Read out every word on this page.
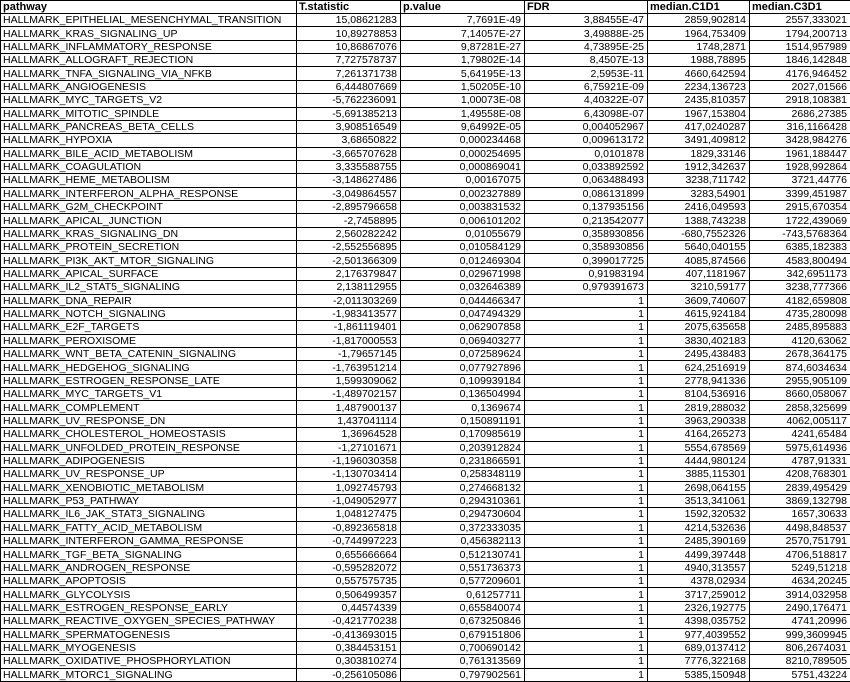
pathway	T.statistic	p.value	FDR	median.C1D1	median.C3D1
HALLMARK_EPITHELIAL_MESENCHYMAL_TRANSITION	15,08621283	7,7691E-49	3,88455E-47	2859,902814	2557,333021
HALLMARK_KRAS_SIGNALING_UP	10,89278853	7,14057E-27	3,49888E-25	1964,753409	1794,200713
HALLMARK_INFLAMMATORY_RESPONSE	10,86867076	9,87281E-27	4,73895E-25	1748,2871	1514,957989
HALLMARK_ALLOGRAFT_REJECTION	7,727578737	1,79802E-14	8,4507E-13	1988,78895	1846,142848
HALLMARK_TNFA_SIGNALING_VIA_NFKB	7,261371738	5,64195E-13	2,5953E-11	4660,642594	4176,946452
HALLMARK_ANGIOGENESIS	6,444807669	1,50205E-10	6,75921E-09	2234,136723	2027,01566
HALLMARK_MYC_TARGETS_V2	-5,762236091	1,00073E-08	4,40322E-07	2435,810357	2918,108381
HALLMARK_MITOTIC_SPINDLE	-5,691385213	1,49558E-08	6,43098E-07	1967,153804	2686,27385
HALLMARK_PANCREAS_BETA_CELLS	3,908516549	9,64992E-05	0,004052967	417,0240287	316,1166428
HALLMARK_HYPOXIA	3,68650822	0,000234468	0,009613172	3491,409812	3428,984276
HALLMARK_BILE_ACID_METABOLISM	-3,665707628	0,000254695	0,0101878	1829,33146	1961,188447
HALLMARK_COAGULATION	3,335588755	0,000869041	0,033892592	1912,342637	1928,992864
HALLMARK_HEME_METABOLISM	-3,148627486	0,00167075	0,063488493	3238,711742	3721,44776
HALLMARK_INTERFERON_ALPHA_RESPONSE	-3,049864557	0,002327889	0,086131899	3283,54901	3399,451987
HALLMARK_G2M_CHECKPOINT	-2,895796658	0,003831532	0,137935156	2416,049593	2915,670354
HALLMARK_APICAL_JUNCTION	-2,7458895	0,006101202	0,213542077	1388,743238	1722,439069
HALLMARK_KRAS_SIGNALING_DN	2,560282242	0,01055679	0,358930856	-680,7552326	-743,5768364
HALLMARK_PROTEIN_SECRETION	-2,552556895	0,010584129	0,358930856	5640,040155	6385,182383
HALLMARK_PI3K_AKT_MTOR_SIGNALING	-2,501366309	0,012469304	0,399017725	4085,874566	4583,800494
HALLMARK_APICAL_SURFACE	2,176379847	0,029671998	0,91983194	407,1181967	342,6951173
HALLMARK_IL2_STAT5_SIGNALING	2,138112955	0,032646389	0,979391673	3210,59177	3238,777366
HALLMARK_DNA_REPAIR	-2,011303269	0,044466347	1	3609,740607	4182,659808
HALLMARK_NOTCH_SIGNALING	-1,983413577	0,047494329	1	4615,924184	4735,280098
HALLMARK_E2F_TARGETS	-1,861119401	0,062907858	1	2075,635658	2485,895883
HALLMARK_PEROXISOME	-1,817000553	0,069403277	1	3830,402183	4120,63062
HALLMARK_WNT_BETA_CATENIN_SIGNALING	-1,79657145	0,072589624	1	2495,438483	2678,364175
HALLMARK_HEDGEHOG_SIGNALING	-1,763951214	0,077927896	1	624,2516919	874,6034634
HALLMARK_ESTROGEN_RESPONSE_LATE	1,599309062	0,109939184	1	2778,941336	2955,905109
HALLMARK_MYC_TARGETS_V1	-1,489702157	0,136504994	1	8104,536916	8660,058067
HALLMARK_COMPLEMENT	1,487900137	0,1369674	1	2819,288032	2858,325699
HALLMARK_UV_RESPONSE_DN	1,437041114	0,150891191	1	3963,290338	4062,005117
HALLMARK_CHOLESTEROL_HOMEOSTASIS	1,36964528	0,170985619	1	4164,265273	4241,65484
HALLMARK_UNFOLDED_PROTEIN_RESPONSE	-1,27101671	0,203912824	1	5554,678569	5975,614936
HALLMARK_ADIPOGENESIS	-1,196030358	0,231866591	1	4444,980124	4787,91331
HALLMARK_UV_RESPONSE_UP	-1,130703414	0,258348119	1	3885,115301	4208,768301
HALLMARK_XENOBIOTIC_METABOLISM	1,092745793	0,274668132	1	2698,064155	2839,495429
HALLMARK_P53_PATHWAY	-1,049052977	0,294310361	1	3513,341061	3869,132798
HALLMARK_IL6_JAK_STAT3_SIGNALING	1,048127475	0,294730604	1	1592,320532	1657,30633
HALLMARK_FATTY_ACID_METABOLISM	-0,892365818	0,372333035	1	4214,532636	4498,848537
HALLMARK_INTERFERON_GAMMA_RESPONSE	-0,744997223	0,456382113	1	2485,390169	2570,751791
HALLMARK_TGF_BETA_SIGNALING	0,655666664	0,512130741	1	4499,397448	4706,518817
HALLMARK_ANDROGEN_RESPONSE	-0,595282072	0,551736373	1	4940,313557	5249,51218
HALLMARK_APOPTOSIS	0,557575735	0,577209601	1	4378,02934	4634,20245
HALLMARK_GLYCOLYSIS	0,506499357	0,61257711	1	3717,259012	3914,032958
HALLMARK_ESTROGEN_RESPONSE_EARLY	0,44574339	0,655840074	1	2326,192775	2490,176471
HALLMARK_REACTIVE_OXYGEN_SPECIES_PATHWAY	-0,421770238	0,673250846	1	4398,035752	4741,20996
HALLMARK_SPERMATOGENESIS	-0,413693015	0,679151806	1	977,4039552	999,3609945
HALLMARK_MYOGENESIS	0,384453151	0,700690142	1	689,0137412	806,2674031
HALLMARK_OXIDATIVE_PHOSPHORYLATION	0,303810274	0,761313569	1	7776,322168	8210,789505
HALLMARK_MTORC1_SIGNALING	-0,256105086	0,797902561	1	5385,150948	5751,43224
